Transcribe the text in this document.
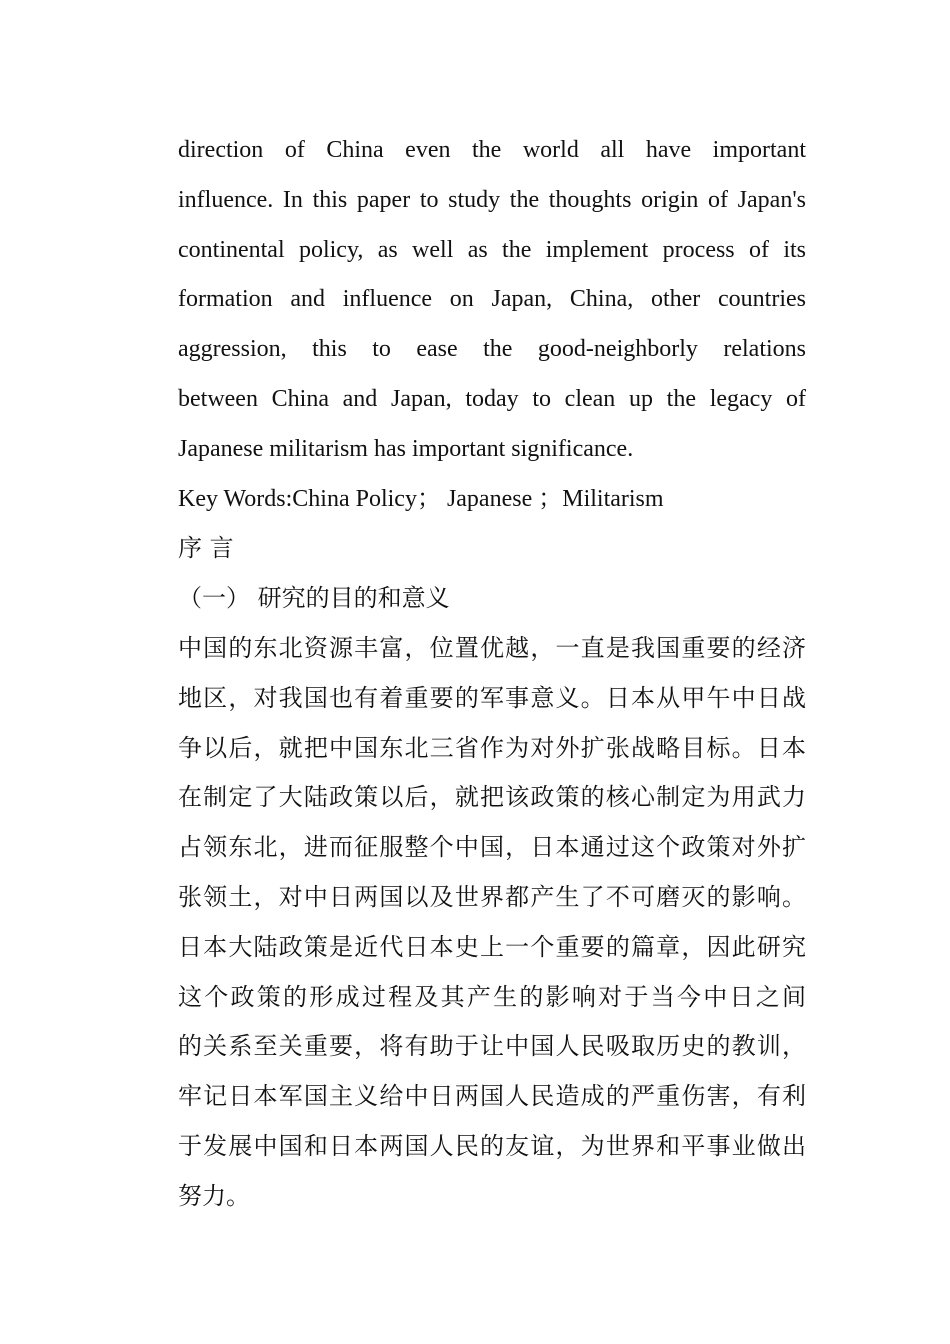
direction of China even the world all have important
influence. In this paper to study the thoughts origin of Japan's
continental policy, as well as the implement process of its
formation and influence on Japan, China, other countries
aggression, this to ease the good-neighborly relations
between China and Japan, today to clean up the legacy of
Japanese militarism has important significance.

Key Words:China Policy； Japanese ；Militarism

序 言
（一） 研究的目的和意义

中国的东北资源丰富，位置优越，一直是我国重要的经济
地区，对我国也有着重要的军事意义。日本从甲午中日战
争以后，就把中国东北三省作为对外扩张战略目标。日本
在制定了大陆政策以后，就把该政策的核心制定为用武力
占领东北，进而征服整个中国，日本通过这个政策对外扩
张领土，对中日两国以及世界都产生了不可磨灭的影响。
日本大陆政策是近代日本史上一个重要的篇章，因此研究
这个政策的形成过程及其产生的影响对于当今中日之间
的关系至关重要，将有助于让中国人民吸取历史的教训，
牢记日本军国主义给中日两国人民造成的严重伤害，有利
于发展中国和日本两国人民的友谊，为世界和平事业做出
努力。
